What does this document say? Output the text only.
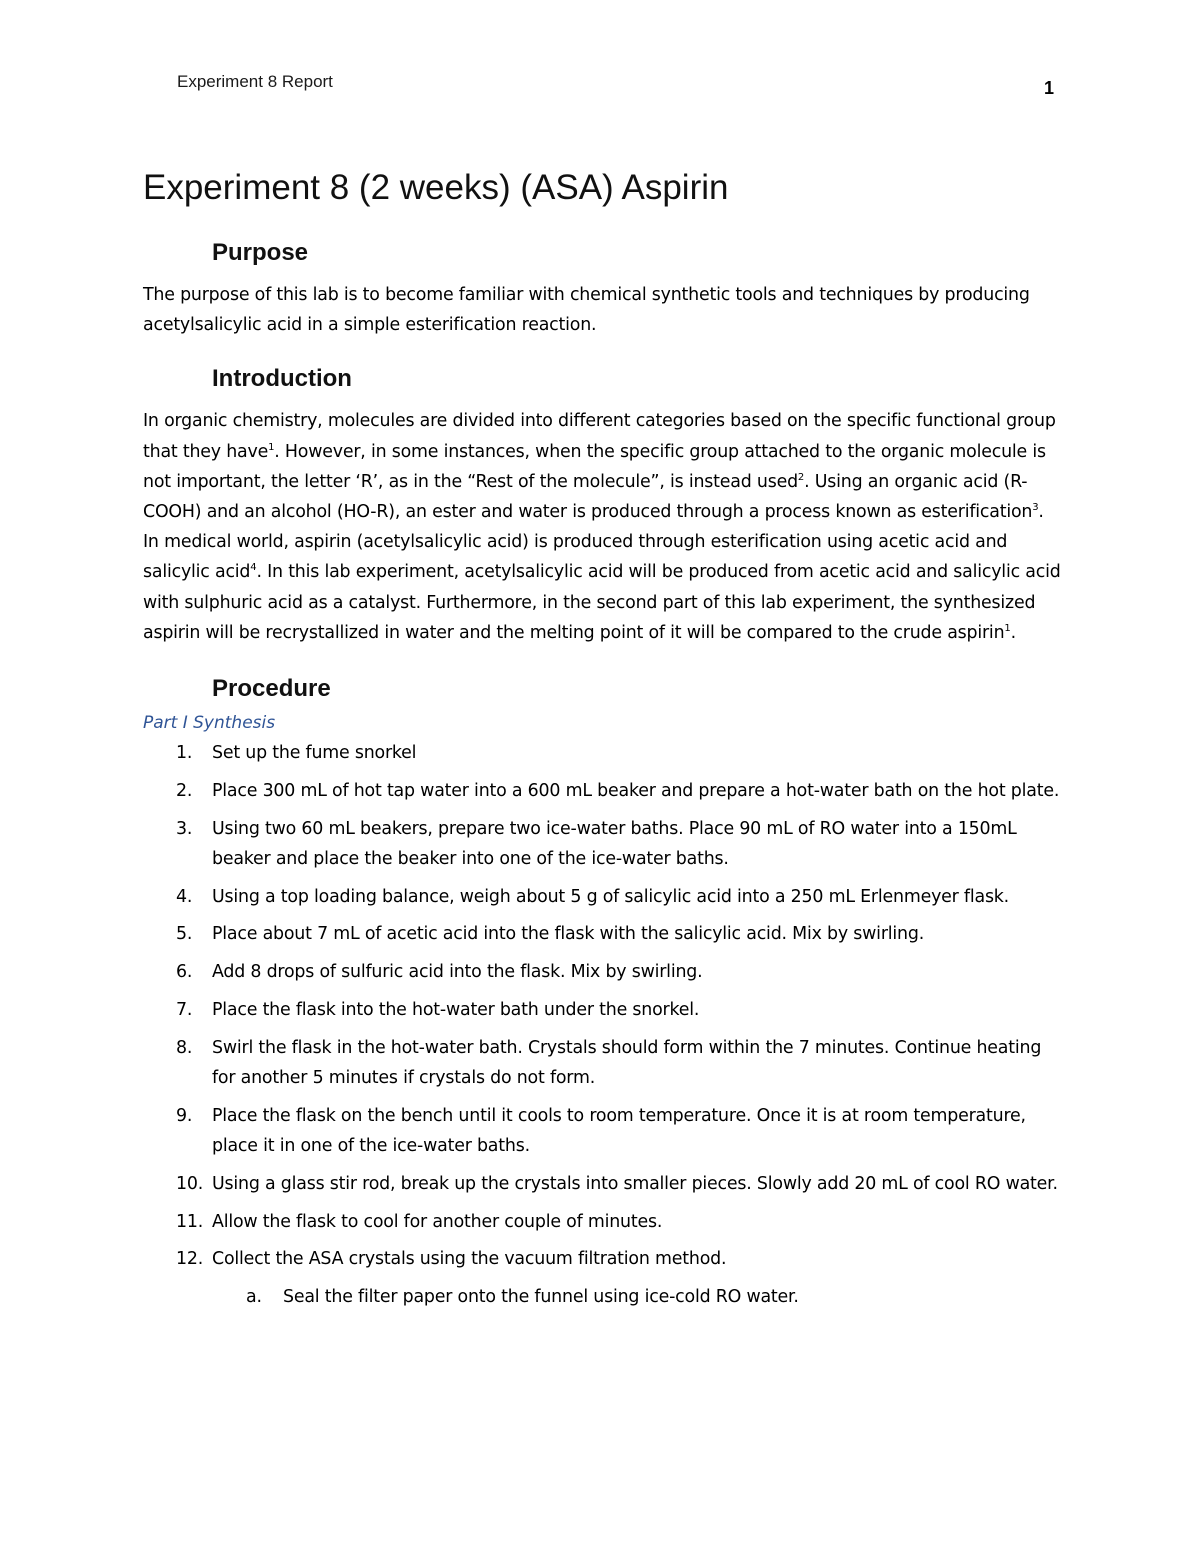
Experiment 8 Report	1
Experiment 8 (2 weeks) (ASA) Aspirin
Purpose

The purpose of this lab is to become familiar with chemical synthetic tools and techniques by producing acetylsalicylic acid in a simple esterification reaction.

Introduction

In organic chemistry, molecules are divided into different categories based on the specific functional group that they have$^1$. However, in some instances, when the specific group attached to the organic molecule is not important, the letter ‘R’, as in the “Rest of the molecule”, is instead used$^2$. Using an organic acid (R-COOH) and an alcohol (HO-R), an ester and water is produced through a process known as esterification$^3$. In medical world, aspirin (acetylsalicylic acid) is produced through esterification using acetic acid and salicylic acid$^4$. In this lab experiment, acetylsalicylic acid will be produced from acetic acid and salicylic acid with sulphuric acid as a catalyst. Furthermore, in the second part of this lab experiment, the synthesized aspirin will be recrystallized in water and the melting point of it will be compared to the crude aspirin$^1$.

Procedure
Part I Synthesis
1.	Set up the fume snorkel
2.	Place 300 mL of hot tap water into a 600 mL beaker and prepare a hot-water bath on the hot plate.
3.	Using two 60 mL beakers, prepare two ice-water baths. Place 90 mL of RO water into a 150mL beaker and place the beaker into one of the ice-water baths.
4.	Using a top loading balance, weigh about 5 g of salicylic acid into a 250 mL Erlenmeyer flask.
5.	Place about 7 mL of acetic acid into the flask with the salicylic acid. Mix by swirling.
6.	Add 8 drops of sulfuric acid into the flask. Mix by swirling.
7.	Place the flask into the hot-water bath under the snorkel.
8.	Swirl the flask in the hot-water bath. Crystals should form within the 7 minutes. Continue heating for another 5 minutes if crystals do not form.
9.	Place the flask on the bench until it cools to room temperature. Once it is at room temperature, place it in one of the ice-water baths.
10. Using a glass stir rod, break up the crystals into smaller pieces. Slowly add 20 mL of cool RO water.
11. Allow the flask to cool for another couple of minutes.
12. Collect the ASA crystals using the vacuum filtration method.
a.	Seal the filter paper onto the funnel using ice-cold RO water.
